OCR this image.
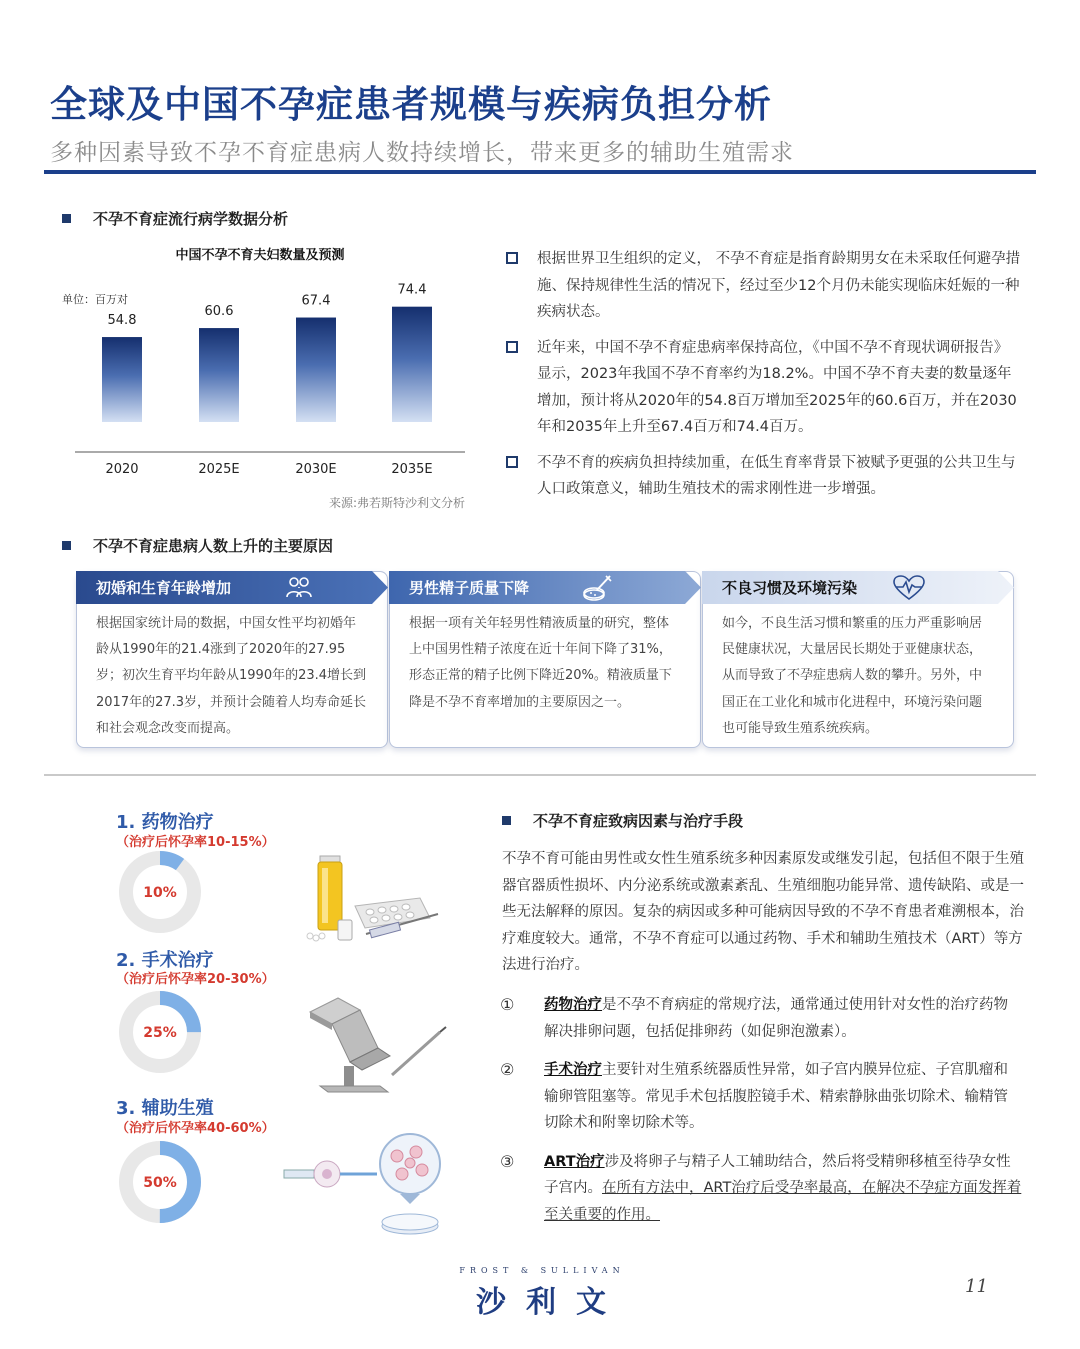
全球及中国不孕症患者规模与疾病负担分析
多种因素导致不孕不育症患病人数持续增长，带来更多的辅助生殖需求
不孕不育症流行病学数据分析
中国不孕不育夫妇数量及预测
单位：百万对
54.8
2020
60.6
2025E
67.4
2030E
74.4
2035E
来源:弗若斯特沙利文分析

根据世界卫生组织的定义， 不孕不育症是指育龄期男女在未采取任何避孕措施、保持规律性生活的情况下，经过至少12个月仍未能实现临床妊娠的一种疾病状态。

近年来，中国不孕不育症患病率保持高位，《中国不孕不育现状调研报告》显示，2023年我国不孕不育率约为18.2%。中国不孕不育夫妻的数量逐年增加，预计将从2020年的54.8百万增加至2025年的60.6百万，并在2030年和2035年上升至67.4百万和74.4百万。

不孕不育的疾病负担持续加重，在低生育率背景下被赋予更强的公共卫生与人口政策意义，辅助生殖技术的需求刚性进一步增强。

不孕不育症患病人数上升的主要原因
初婚和生育年龄增加
根据国家统计局的数据，中国女性平均初婚年龄从1990年的21.4涨到了2020年的27.95岁；初次生育平均年龄从1990年的23.4增长到2017年的27.3岁，并预计会随着人均寿命延长和社会观念改变而提高。
男性精子质量下降
根据一项有关年轻男性精液质量的研究，整体上中国男性精子浓度在近十年间下降了31%，形态正常的精子比例下降近20%。精液质量下降是不孕不育率增加的主要原因之一。
不良习惯及环境污染
如今，不良生活习惯和繁重的压力严重影响居民健康状况，大量居民长期处于亚健康状态，从而导致了不孕症患病人数的攀升。另外，中国正在工业化和城市化进程中，环境污染问题也可能导致生殖系统疾病。
1. 药物治疗
（治疗后怀孕率10-15%）
10%
2. 手术治疗
（治疗后怀孕率20-30%）
25%
3. 辅助生殖
（治疗后怀孕率40-60%）
50%
不孕不育症致病因素与治疗手段
不孕不育可能由男性或女性生殖系统多种因素原发或继发引起，包括但不限于生殖器官器质性损坏、内分泌系统或激素紊乱、生殖细胞功能异常、遗传缺陷、或是一些无法解释的原因。复杂的病因或多种可能病因导致的不孕不育患者难溯根本，治疗难度较大。通常，不孕不育症可以通过药物、手术和辅助生殖技术（ART）等方法进行治疗。
①	药物治疗是不孕不育病症的常规疗法，通常通过使用针对女性的治疗药物解决排卵问题，包括促排卵药（如促卵泡激素）。

②	手术治疗主要针对生殖系统器质性异常，如子宫内膜异位症、子宫肌瘤和输卵管阻塞等。常见手术包括腹腔镜手术、精索静脉曲张切除术、输精管切除术和附睾切除术等。

③	ART治疗涉及将卵子与精子人工辅助结合，然后将受精卵移植至待孕女性子宫内。在所有方法中，ART治疗后受孕率最高，在解决不孕症方面发挥着至关重要的作用。

FROST & SULLIVAN
沙利文	11
